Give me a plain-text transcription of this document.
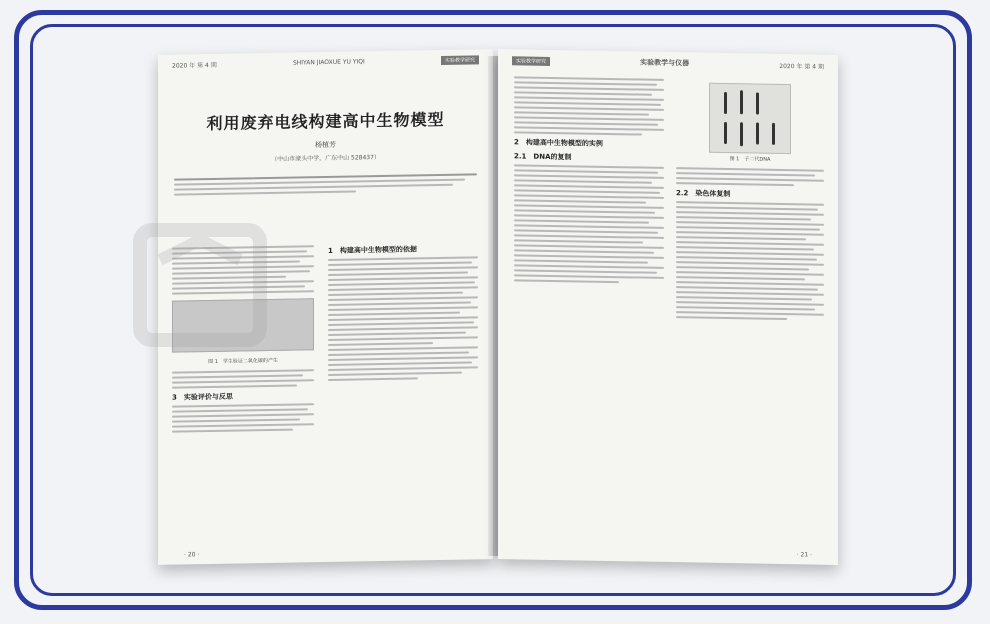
2020 年 第 4 期	SHIYAN JIAOXUE YU YIQI	实验教学研究
利用废弃电线构建高中生物模型
杨植芳
（中山市濠头中学，广东中山 528437）
图 1　学生验证二氧化碳的产生
3　实验评价与反思
1　构建高中生物模型的依据
· 20 ·
实验教学研究	实验教学与仪器	2020 年 第 4 期
2　构建高中生物模型的实例
2.1　DNA的复制	图 1　子二代DNA
2.2　染色体复制
· 21 ·
